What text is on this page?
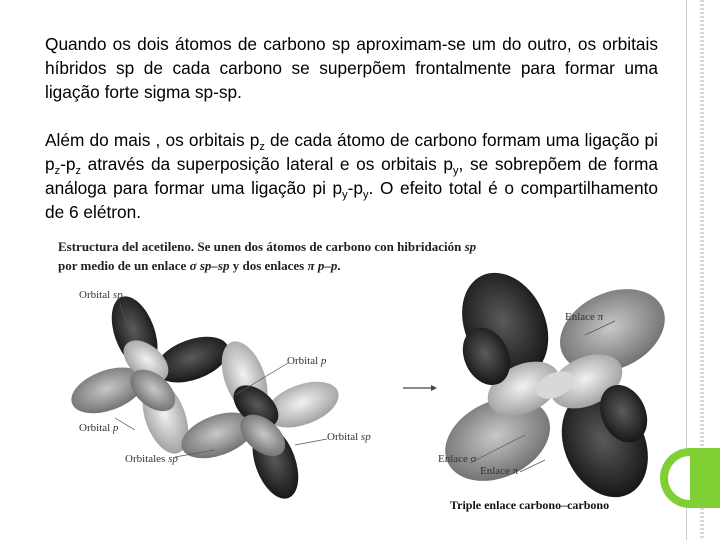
Quando os dois átomos de carbono sp aproximam-se um do outro, os orbitais híbridos sp de cada carbono se superpõem frontalmente para formar uma ligação forte sigma sp-sp.
Além do mais , os orbitais $p_z$ de cada átomo de carbono formam uma ligação pi $p_z-p_z$ através da superposição lateral e os orbitais $p_y$, se sobrepõem de forma análoga para formar uma ligação pi $p_y-p_y$. O efeito total é o compartilhamento de 6 elétron.
Estructura del acetileno. Se unen dos átomos de carbono con hibridación sp por medio de un enlace σ sp–sp y dos enlaces π p–p.
Orbital sp
Orbital p
Orbital p
Orbital sp
Orbitales sp
Enlace π
Enlace σ
Enlace π
Triple enlace carbono–carbono
